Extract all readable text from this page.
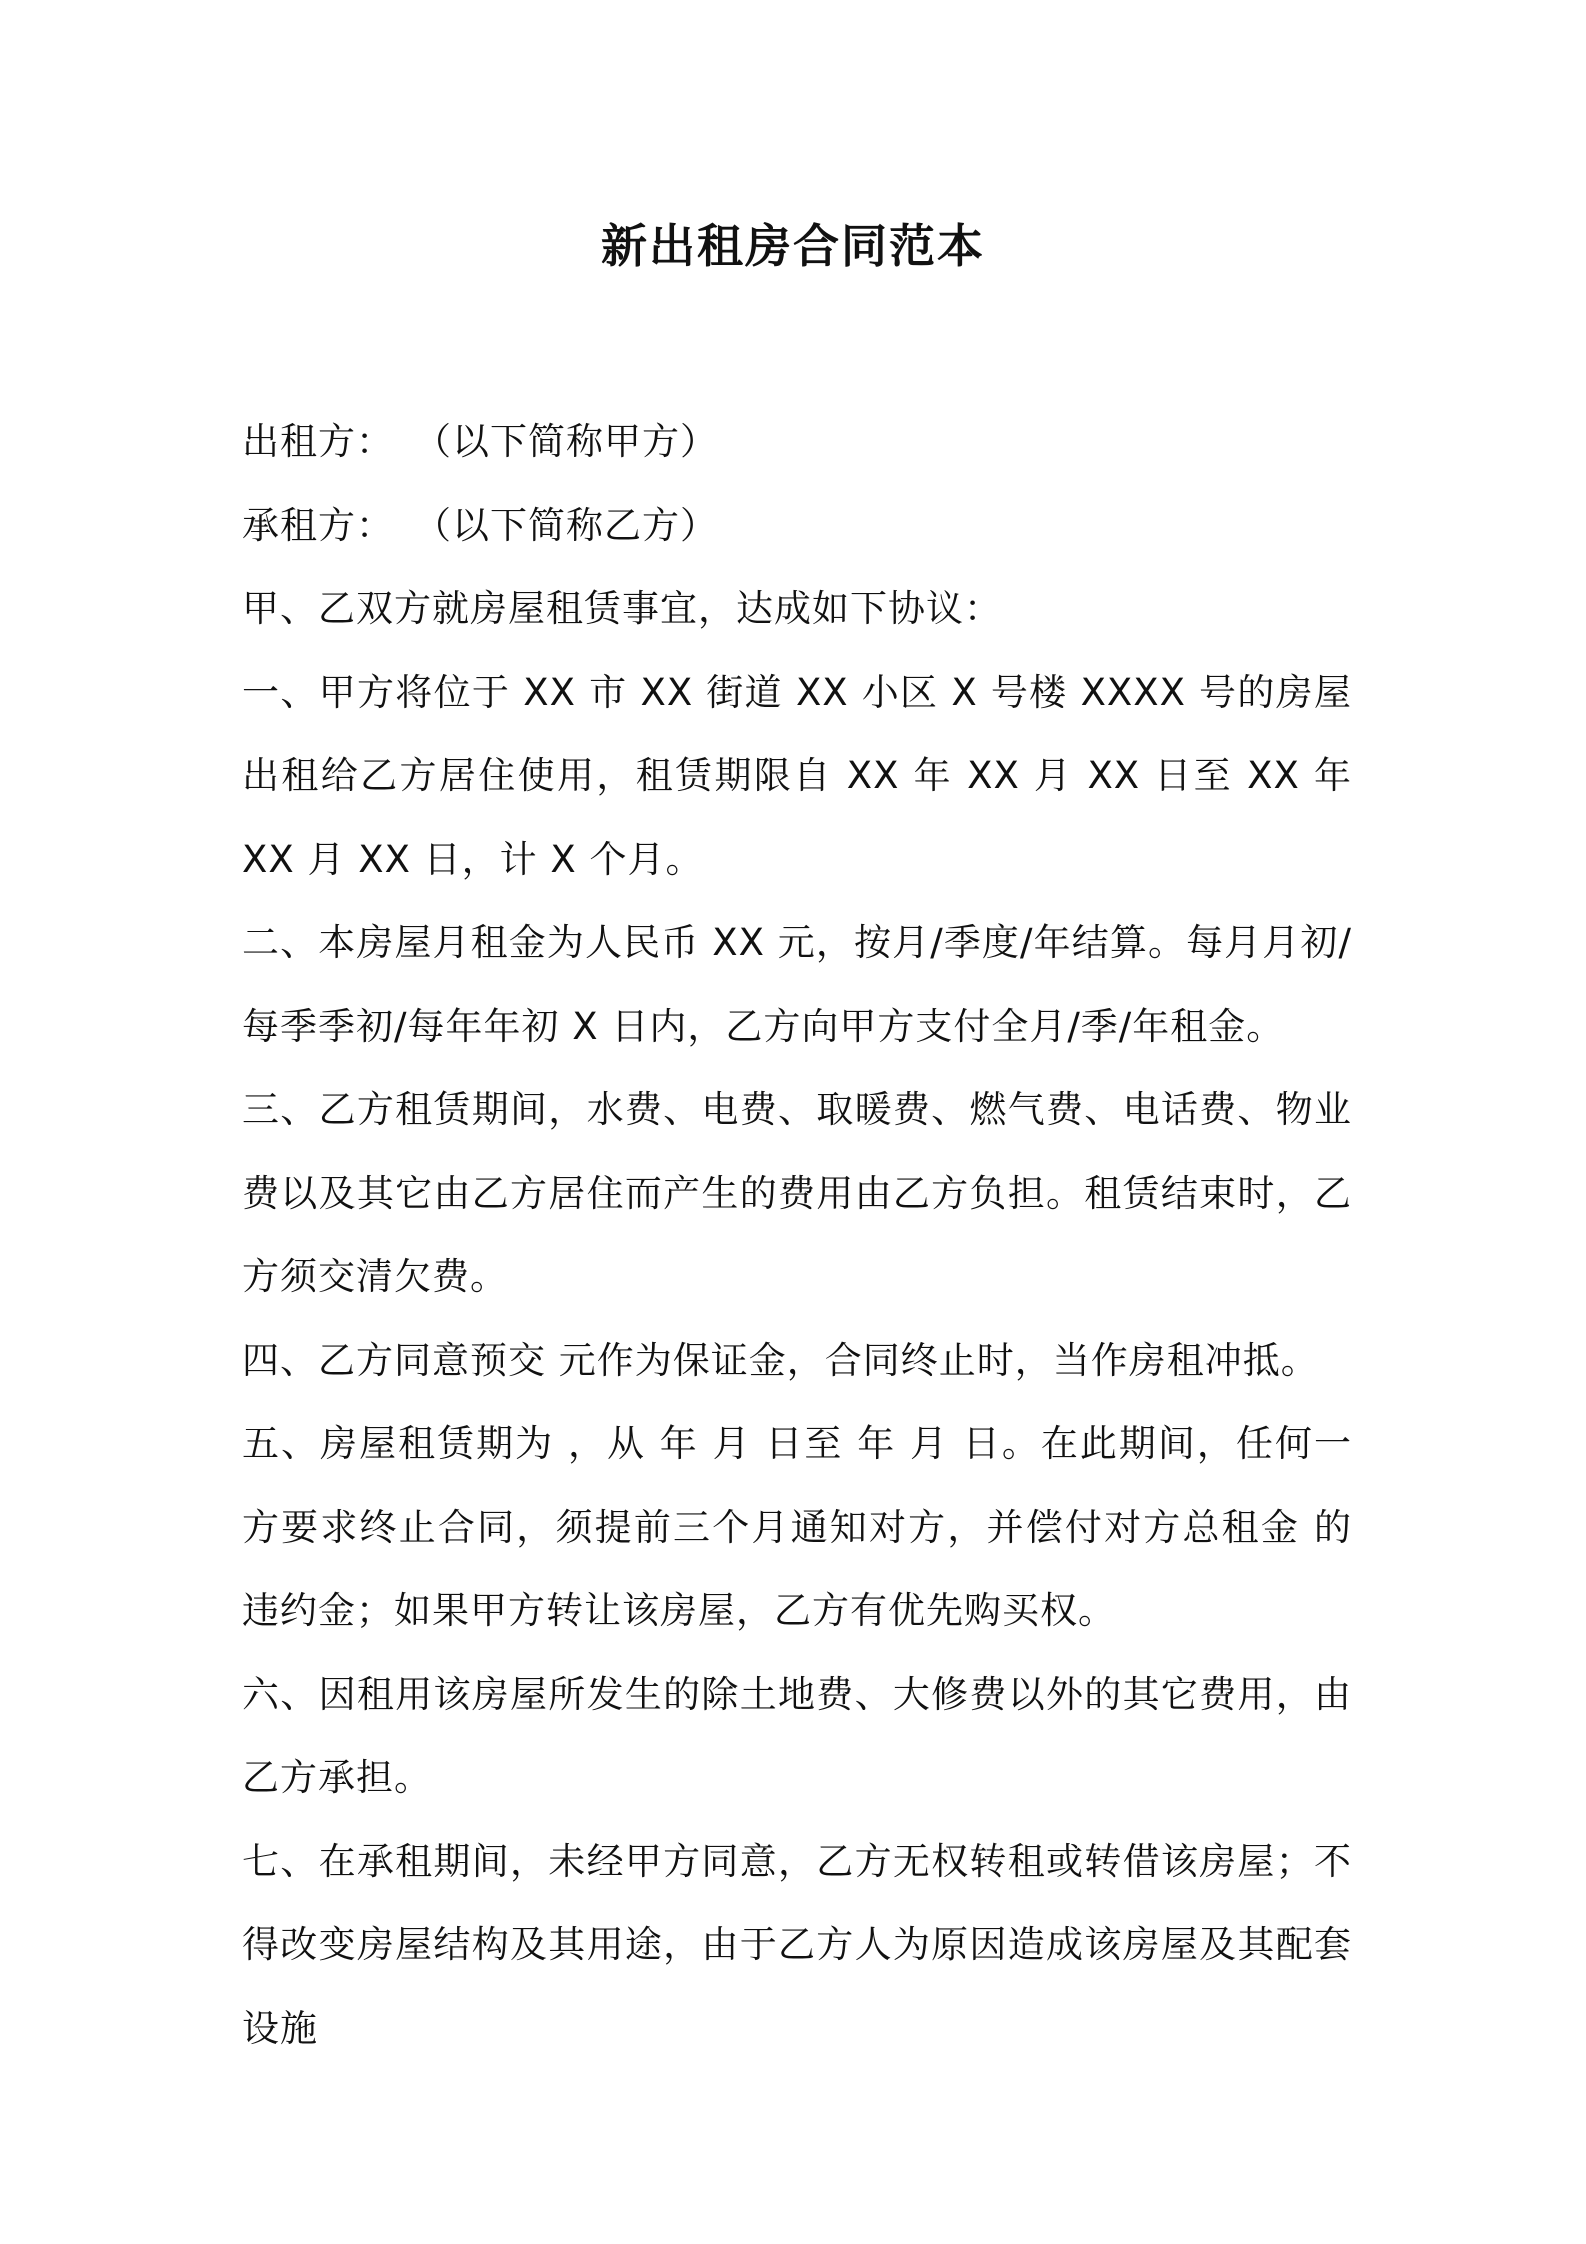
新出租房合同范本

出租方： （以下简称甲方）

承租方： （以下简称乙方）

甲、乙双方就房屋租赁事宜，达成如下协议：

一、甲方将位于 XX 市 XX 街道 XX 小区 X 号楼 XXXX 号的房屋出租给乙方居住使用，租赁期限自 XX 年 XX 月 XX 日至 XX 年 XX 月 XX 日，计 X 个月。

二、本房屋月租金为人民币 XX 元，按月/季度/年结算。每月月初/每季季初/每年年初 X 日内，乙方向甲方支付全月/季/年租金。

三、乙方租赁期间，水费、电费、取暖费、燃气费、电话费、物业费以及其它由乙方居住而产生的费用由乙方负担。租赁结束时，乙方须交清欠费。

四、乙方同意预交 元作为保证金，合同终止时，当作房租冲抵。

五、房屋租赁期为 ，从 年 月 日至 年 月 日。在此期间，任何一方要求终止合同，须提前三个月通知对方，并偿付对方总租金 的违约金；如果甲方转让该房屋，乙方有优先购买权。

六、因租用该房屋所发生的除土地费、大修费以外的其它费用，由乙方承担。

七、在承租期间，未经甲方同意，乙方无权转租或转借该房屋；不得改变房屋结构及其用途，由于乙方人为原因造成该房屋及其配套设施
